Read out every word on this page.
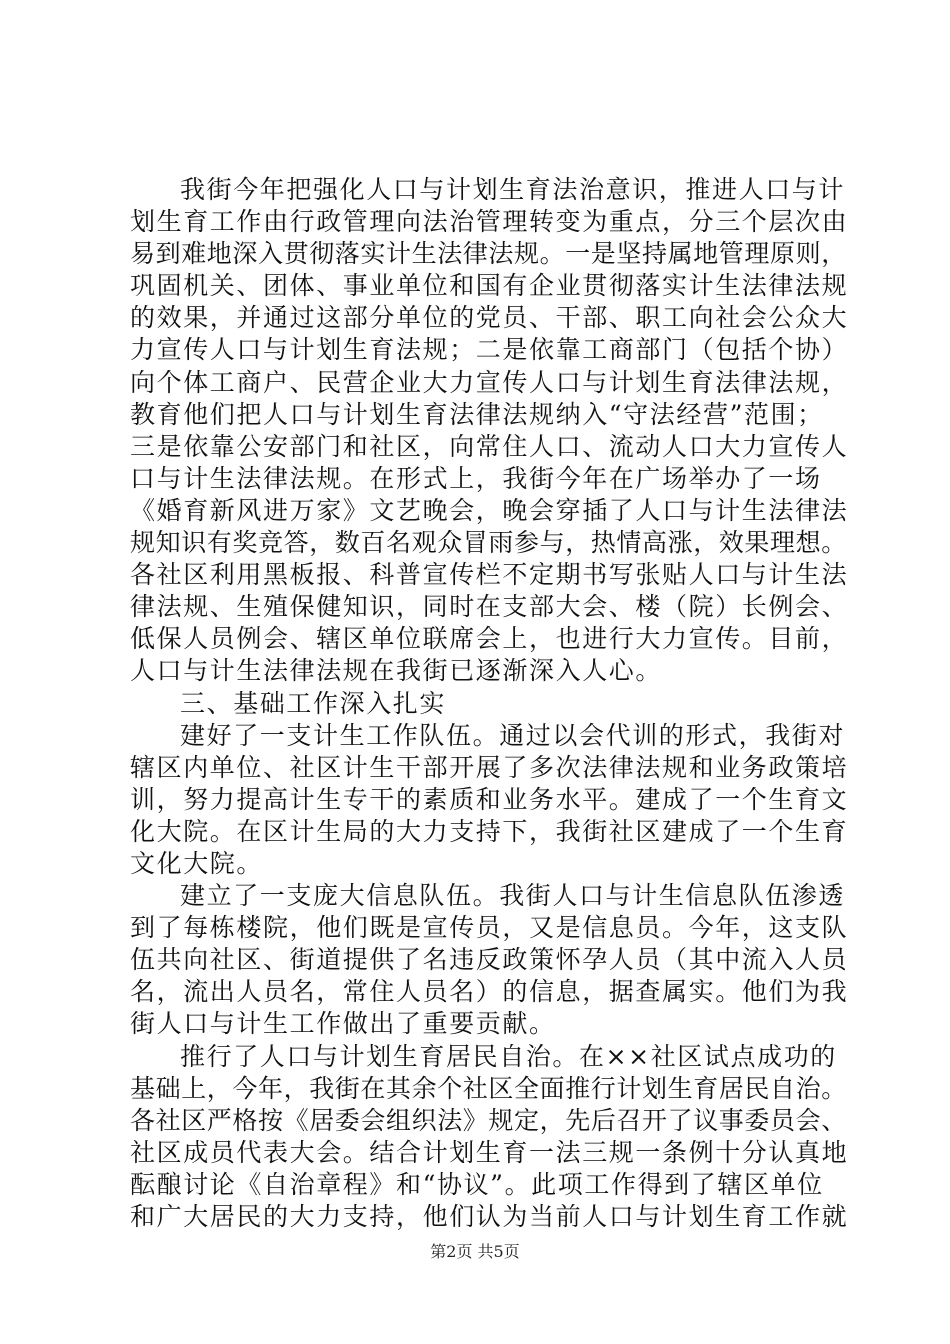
我街今年把强化人口与计划生育法治意识，推进人口与计
划生育工作由行政管理向法治管理转变为重点，分三个层次由
易到难地深入贯彻落实计生法律法规。一是坚持属地管理原则，
巩固机关、团体、事业单位和国有企业贯彻落实计生法律法规
的效果，并通过这部分单位的党员、干部、职工向社会公众大
力宣传人口与计划生育法规；二是依靠工商部门（包括个协）
向个体工商户、民营企业大力宣传人口与计划生育法律法规，
教育他们把人口与计划生育法律法规纳入“守法经营”范围；
三是依靠公安部门和社区，向常住人口、流动人口大力宣传人
口与计生法律法规。在形式上，我街今年在广场举办了一场
《婚育新风进万家》文艺晚会，晚会穿插了人口与计生法律法
规知识有奖竞答，数百名观众冒雨参与，热情高涨，效果理想。
各社区利用黑板报、科普宣传栏不定期书写张贴人口与计生法
律法规、生殖保健知识，同时在支部大会、楼（院）长例会、
低保人员例会、辖区单位联席会上，也进行大力宣传。目前，
人口与计生法律法规在我街已逐渐深入人心。
三、基础工作深入扎实
建好了一支计生工作队伍。通过以会代训的形式，我街对
辖区内单位、社区计生干部开展了多次法律法规和业务政策培
训，努力提高计生专干的素质和业务水平。建成了一个生育文
化大院。在区计生局的大力支持下，我街社区建成了一个生育
文化大院。
建立了一支庞大信息队伍。我街人口与计生信息队伍渗透
到了每栋楼院，他们既是宣传员，又是信息员。今年，这支队
伍共向社区、街道提供了名违反政策怀孕人员（其中流入人员
名，流出人员名，常住人员名）的信息，据查属实。他们为我
街人口与计生工作做出了重要贡献。
推行了人口与计划生育居民自治。在××社区试点成功的
基础上，今年，我街在其余个社区全面推行计划生育居民自治。
各社区严格按《居委会组织法》规定，先后召开了议事委员会、
社区成员代表大会。结合计划生育一法三规一条例十分认真地
酝酿讨论《自治章程》和“协议”。此项工作得到了辖区单位
和广大居民的大力支持，他们认为当前人口与计划生育工作就
第2页 共5页
